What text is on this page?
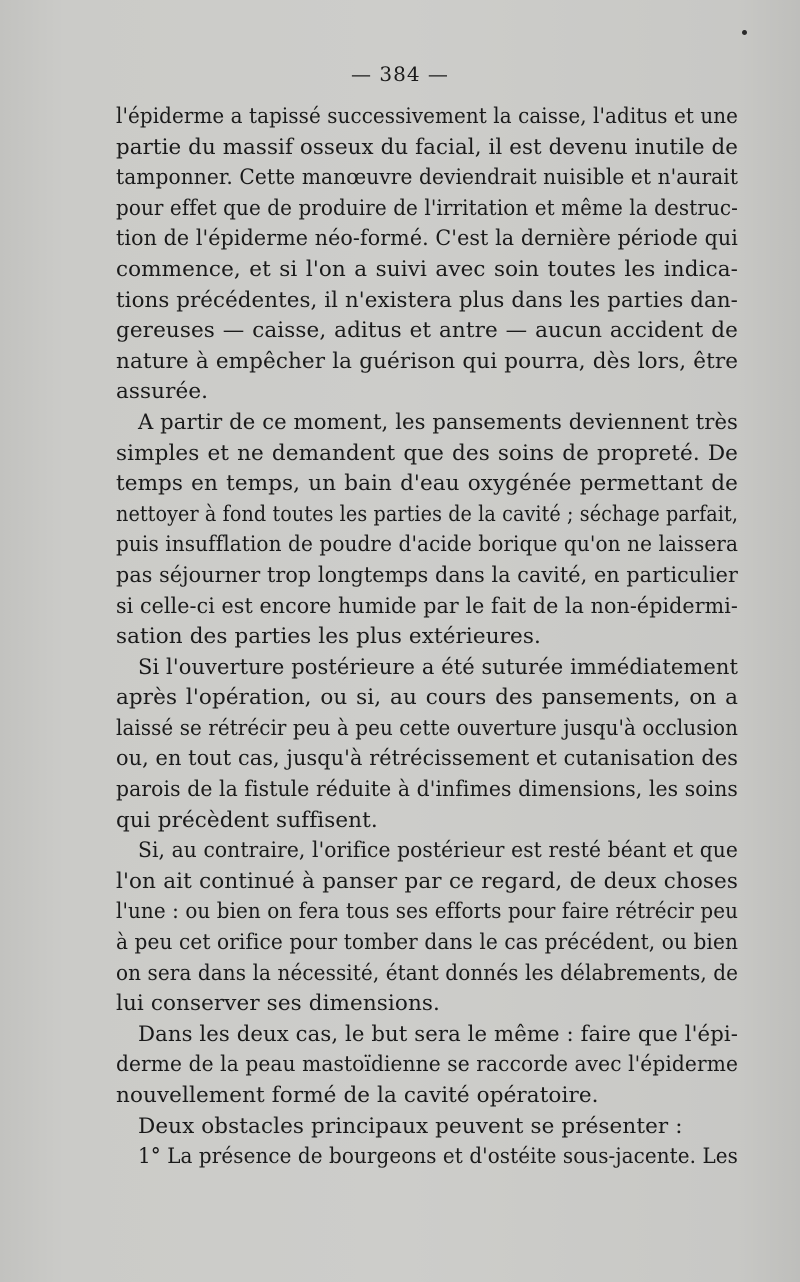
— 384 —
l'épiderme a tapissé successivement la caisse, l'aditus et une
partie du massif osseux du facial, il est devenu inutile de
tamponner. Cette manœuvre deviendrait nuisible et n'aurait
pour effet que de produire de l'irritation et même la destruc-
tion de l'épiderme néo-formé. C'est la dernière période qui
commence, et si l'on a suivi avec soin toutes les indica-
tions précédentes, il n'existera plus dans les parties dan-
gereuses — caisse, aditus et antre — aucun accident de
nature à empêcher la guérison qui pourra, dès lors, être
assurée.
A partir de ce moment, les pansements deviennent très
simples et ne demandent que des soins de propreté. De
temps en temps, un bain d'eau oxygénée permettant de
nettoyer à fond toutes les parties de la cavité ; séchage parfait,
puis insufflation de poudre d'acide borique qu'on ne laissera
pas séjourner trop longtemps dans la cavité, en particulier
si celle-ci est encore humide par le fait de la non-épidermi-
sation des parties les plus extérieures.
Si l'ouverture postérieure a été suturée immédiatement
après l'opération, ou si, au cours des pansements, on a
laissé se rétrécir peu à peu cette ouverture jusqu'à occlusion
ou, en tout cas, jusqu'à rétrécissement et cutanisation des
parois de la fistule réduite à d'infimes dimensions, les soins
qui précèdent suffisent.
Si, au contraire, l'orifice postérieur est resté béant et que
l'on ait continué à panser par ce regard, de deux choses
l'une : ou bien on fera tous ses efforts pour faire rétrécir peu
à peu cet orifice pour tomber dans le cas précédent, ou bien
on sera dans la nécessité, étant donnés les délabrements, de
lui conserver ses dimensions.
Dans les deux cas, le but sera le même : faire que l'épi-
derme de la peau mastoïdienne se raccorde avec l'épiderme
nouvellement formé de la cavité opératoire.
Deux obstacles principaux peuvent se présenter :
1° La présence de bourgeons et d'ostéite sous-jacente. Les
